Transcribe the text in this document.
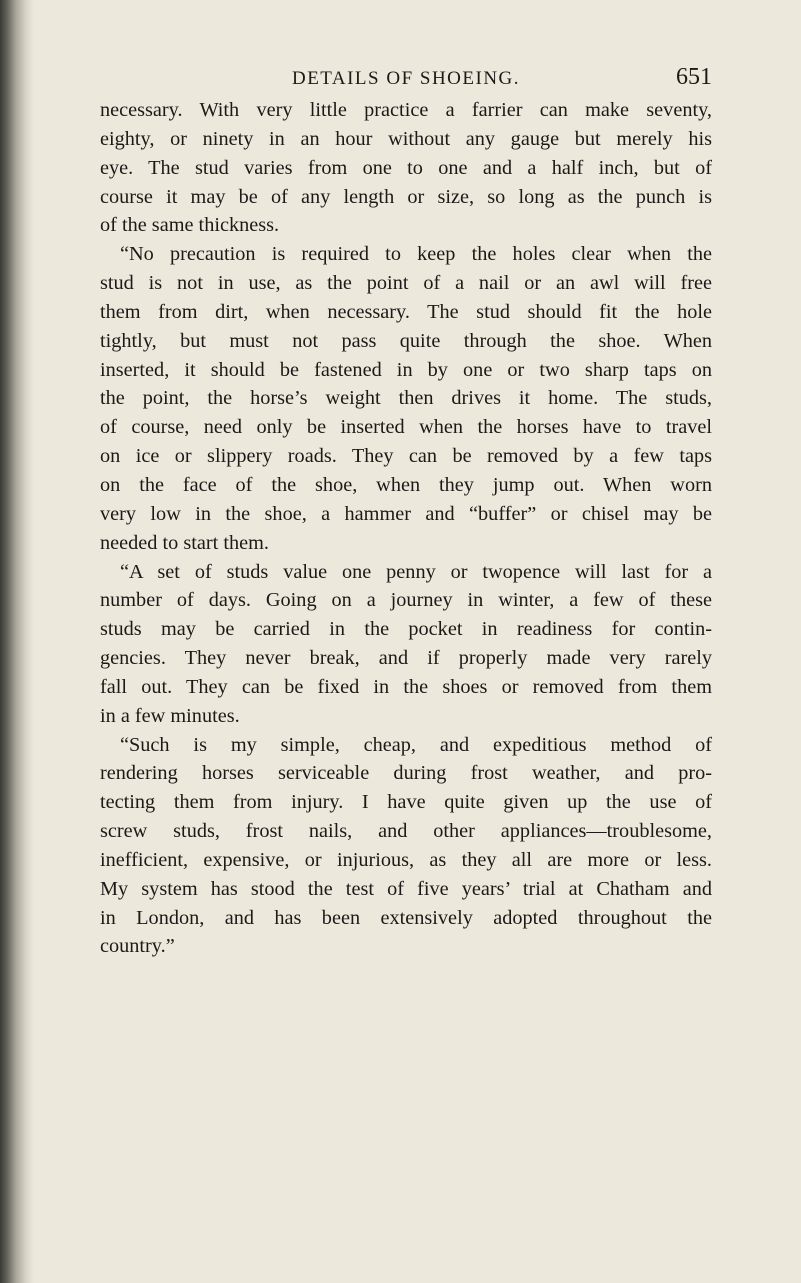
DETAILS OF SHOEING.	651
necessary. With very little practice a farrier can make seventy,
eighty, or ninety in an hour without any gauge but merely his
eye. The stud varies from one to one and a half inch, but of
course it may be of any length or size, so long as the punch is
of the same thickness.
“No precaution is required to keep the holes clear when the
stud is not in use, as the point of a nail or an awl will free
them from dirt, when necessary. The stud should fit the hole
tightly, but must not pass quite through the shoe. When
inserted, it should be fastened in by one or two sharp taps on
the point, the horse’s weight then drives it home. The studs,
of course, need only be inserted when the horses have to travel
on ice or slippery roads. They can be removed by a few taps
on the face of the shoe, when they jump out. When worn
very low in the shoe, a hammer and “buffer” or chisel may be
needed to start them.
“A set of studs value one penny or twopence will last for a
number of days. Going on a journey in winter, a few of these
studs may be carried in the pocket in readiness for contin-
gencies. They never break, and if properly made very rarely
fall out. They can be fixed in the shoes or removed from them
in a few minutes.
“Such is my simple, cheap, and expeditious method of
rendering horses serviceable during frost weather, and pro-
tecting them from injury. I have quite given up the use of
screw studs, frost nails, and other appliances—troublesome,
inefficient, expensive, or injurious, as they all are more or less.
My system has stood the test of five years’ trial at Chatham and
in London, and has been extensively adopted throughout the
country.”
